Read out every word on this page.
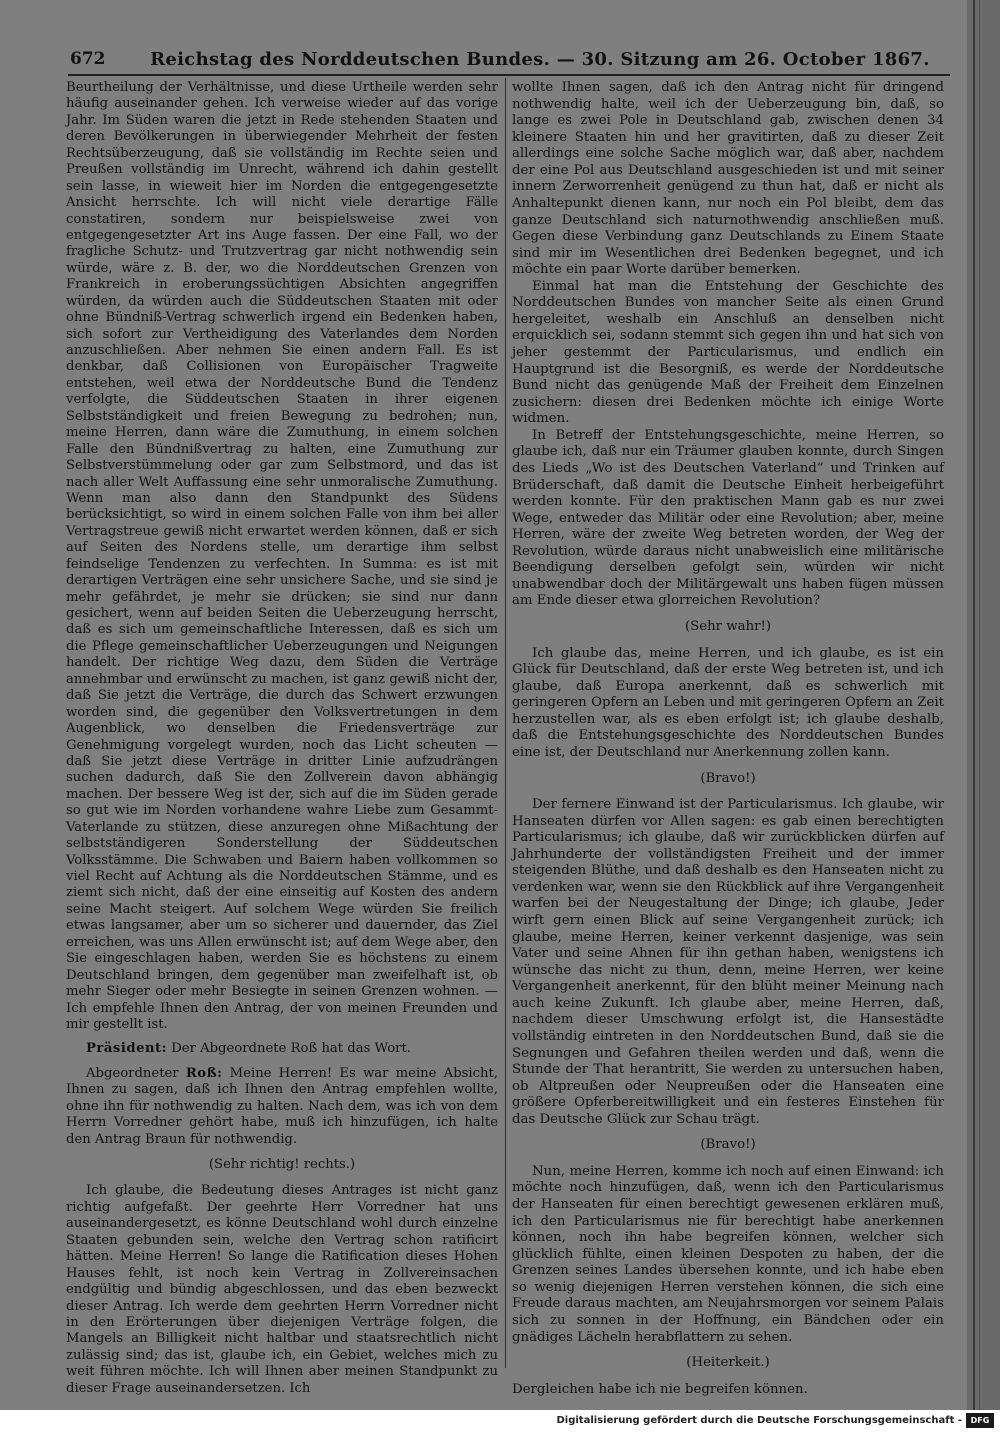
672	Reichstag des Norddeutschen Bundes. — 30. Sitzung am 26. October 1867.

Beurtheilung der Verhältnisse, und diese Urtheile werden sehr häufig auseinander gehen. Ich verweise wieder auf das vorige Jahr. Im Süden waren die jetzt in Rede stehenden Staaten und deren Bevölkerungen in überwiegender Mehrheit der festen Rechtsüberzeugung, daß sie vollständig im Rechte seien und Preußen vollständig im Unrecht, während ich dahin gestellt sein lasse, in wieweit hier im Norden die entgegengesetzte Ansicht herrschte. Ich will nicht viele derartige Fälle constatiren, sondern nur beispielsweise zwei von entgegengesetzter Art ins Auge fassen. Der eine Fall, wo der fragliche Schutz- und Trutzvertrag gar nicht nothwendig sein würde, wäre z. B. der, wo die Norddeutschen Grenzen von Frankreich in eroberungssüchtigen Absichten angegriffen würden, da würden auch die Süddeutschen Staaten mit oder ohne Bündniß-Vertrag schwerlich irgend ein Bedenken haben, sich sofort zur Vertheidigung des Vaterlandes dem Norden anzuschließen. Aber nehmen Sie einen andern Fall. Es ist denkbar, daß Collisionen von Europäischer Tragweite entstehen, weil etwa der Norddeutsche Bund die Tendenz verfolgte, die Süddeutschen Staaten in ihrer eigenen Selbstständigkeit und freien Bewegung zu bedrohen; nun, meine Herren, dann wäre die Zumuthung, in einem solchen Falle den Bündnißvertrag zu halten, eine Zumuthung zur Selbstverstümmelung oder gar zum Selbstmord, und das ist nach aller Welt Auffassung eine sehr unmoralische Zumuthung. Wenn man also dann den Standpunkt des Südens berücksichtigt, so wird in einem solchen Falle von ihm bei aller Vertragstreue gewiß nicht erwartet werden können, daß er sich auf Seiten des Nordens stelle, um derartige ihm selbst feindselige Tendenzen zu verfechten. In Summa: es ist mit derartigen Verträgen eine sehr unsichere Sache, und sie sind je mehr gefährdet, je mehr sie drücken; sie sind nur dann gesichert, wenn auf beiden Seiten die Ueberzeugung herrscht, daß es sich um gemeinschaftliche Interessen, daß es sich um die Pflege gemeinschaftlicher Ueberzeugungen und Neigungen handelt. Der richtige Weg dazu, dem Süden die Verträge annehmbar und erwünscht zu machen, ist ganz gewiß nicht der, daß Sie jetzt die Verträge, die durch das Schwert erzwungen worden sind, die gegenüber den Volksvertretungen in dem Augenblick, wo denselben die Friedensverträge zur Genehmigung vorgelegt wurden, noch das Licht scheuten — daß Sie jetzt diese Verträge in dritter Linie aufzudrängen suchen dadurch, daß Sie den Zollverein davon abhängig machen. Der bessere Weg ist der, sich auf die im Süden gerade so gut wie im Norden vorhandene wahre Liebe zum Gesammt-Vaterlande zu stützen, diese anzuregen ohne Mißachtung der selbstständigeren Sonderstellung der Süddeutschen Volksstämme. Die Schwaben und Baiern haben vollkommen so viel Recht auf Achtung als die Norddeutschen Stämme, und es ziemt sich nicht, daß der eine einseitig auf Kosten des andern seine Macht steigert. Auf solchem Wege würden Sie freilich etwas langsamer, aber um so sicherer und dauernder, das Ziel erreichen, was uns Allen erwünscht ist; auf dem Wege aber, den Sie eingeschlagen haben, werden Sie es höchstens zu einem Deutschland bringen, dem gegenüber man zweifelhaft ist, ob mehr Sieger oder mehr Besiegte in seinen Grenzen wohnen. — Ich empfehle Ihnen den Antrag, der von meinen Freunden und mir gestellt ist.

Präsident: Der Abgeordnete Roß hat das Wort.

Abgeordneter Roß: Meine Herren! Es war meine Absicht, Ihnen zu sagen, daß ich Ihnen den Antrag empfehlen wollte, ohne ihn für nothwendig zu halten. Nach dem, was ich von dem Herrn Vorredner gehört habe, muß ich hinzufügen, ich halte den Antrag Braun für nothwendig.

(Sehr richtig! rechts.)

Ich glaube, die Bedeutung dieses Antrages ist nicht ganz richtig aufgefaßt. Der geehrte Herr Vorredner hat uns auseinandergesetzt, es könne Deutschland wohl durch einzelne Staaten gebunden sein, welche den Vertrag schon ratificirt hätten. Meine Herren! So lange die Ratification dieses Hohen Hauses fehlt, ist noch kein Vertrag in Zollvereinsachen endgültig und bündig abgeschlossen, und das eben bezweckt dieser Antrag. Ich werde dem geehrten Herrn Vorredner nicht in den Erörterungen über diejenigen Verträge folgen, die Mangels an Billigkeit nicht haltbar und staatsrechtlich nicht zulässig sind; das ist, glaube ich, ein Gebiet, welches mich zu weit führen möchte. Ich will Ihnen aber meinen Standpunkt zu dieser Frage auseinandersetzen. Ich

wollte Ihnen sagen, daß ich den Antrag nicht für dringend nothwendig halte, weil ich der Ueberzeugung bin, daß, so lange es zwei Pole in Deutschland gab, zwischen denen 34 kleinere Staaten hin und her gravitirten, daß zu dieser Zeit allerdings eine solche Sache möglich war, daß aber, nachdem der eine Pol aus Deutschland ausgeschieden ist und mit seiner innern Zerworrenheit genügend zu thun hat, daß er nicht als Anhaltepunkt dienen kann, nur noch ein Pol bleibt, dem das ganze Deutschland sich naturnothwendig anschließen muß. Gegen diese Verbindung ganz Deutschlands zu Einem Staate sind mir im Wesentlichen drei Bedenken begegnet, und ich möchte ein paar Worte darüber bemerken.

Einmal hat man die Entstehung der Geschichte des Norddeutschen Bundes von mancher Seite als einen Grund hergeleitet, weshalb ein Anschluß an denselben nicht erquicklich sei, sodann stemmt sich gegen ihn und hat sich von jeher gestemmt der Particularismus, und endlich ein Hauptgrund ist die Besorgniß, es werde der Norddeutsche Bund nicht das genügende Maß der Freiheit dem Einzelnen zusichern: diesen drei Bedenken möchte ich einige Worte widmen.

In Betreff der Entstehungsgeschichte, meine Herren, so glaube ich, daß nur ein Träumer glauben konnte, durch Singen des Lieds „Wo ist des Deutschen Vaterland“ und Trinken auf Brüderschaft, daß damit die Deutsche Einheit herbeigeführt werden konnte. Für den praktischen Mann gab es nur zwei Wege, entweder das Militär oder eine Revolution; aber, meine Herren, wäre der zweite Weg betreten worden, der Weg der Revolution, würde daraus nicht unabweislich eine militärische Beendigung derselben gefolgt sein, würden wir nicht unabwendbar doch der Militärgewalt uns haben fügen müssen am Ende dieser etwa glorreichen Revolution?

(Sehr wahr!)

Ich glaube das, meine Herren, und ich glaube, es ist ein Glück für Deutschland, daß der erste Weg betreten ist, und ich glaube, daß Europa anerkennt, daß es schwerlich mit geringeren Opfern an Leben und mit geringeren Opfern an Zeit herzustellen war, als es eben erfolgt ist; ich glaube deshalb, daß die Entstehungsgeschichte des Norddeutschen Bundes eine ist, der Deutschland nur Anerkennung zollen kann.

(Bravo!)

Der fernere Einwand ist der Particularismus. Ich glaube, wir Hanseaten dürfen vor Allen sagen: es gab einen berechtigten Particularismus; ich glaube, daß wir zurückblicken dürfen auf Jahrhunderte der vollständigsten Freiheit und der immer steigenden Blüthe, und daß deshalb es den Hanseaten nicht zu verdenken war, wenn sie den Rückblick auf ihre Vergangenheit warfen bei der Neugestaltung der Dinge; ich glaube, Jeder wirft gern einen Blick auf seine Vergangenheit zurück; ich glaube, meine Herren, keiner verkennt dasjenige, was sein Vater und seine Ahnen für ihn gethan haben, wenigstens ich wünsche das nicht zu thun, denn, meine Herren, wer keine Vergangenheit anerkennt, für den blüht meiner Meinung nach auch keine Zukunft. Ich glaube aber, meine Herren, daß, nachdem dieser Umschwung erfolgt ist, die Hansestädte vollständig eintreten in den Norddeutschen Bund, daß sie die Segnungen und Gefahren theilen werden und daß, wenn die Stunde der That herantritt, Sie werden zu untersuchen haben, ob Altpreußen oder Neupreußen oder die Hanseaten eine größere Opferbereitwilligkeit und ein festeres Einstehen für das Deutsche Glück zur Schau trägt.

(Bravo!)

Nun, meine Herren, komme ich noch auf einen Einwand: ich möchte noch hinzufügen, daß, wenn ich den Particularismus der Hanseaten für einen berechtigt gewesenen erklären muß, ich den Particularismus nie für berechtigt habe anerkennen können, noch ihn habe begreifen können, welcher sich glücklich fühlte, einen kleinen Despoten zu haben, der die Grenzen seines Landes übersehen konnte, und ich habe eben so wenig diejenigen Herren verstehen können, die sich eine Freude daraus machten, am Neujahrsmorgen vor seinem Palais sich zu sonnen in der Hoffnung, ein Bändchen oder ein gnädiges Lächeln herabflattern zu sehen.

(Heiterkeit.)

Dergleichen habe ich nie begreifen können.

Digitalisierung gefördert durch die Deutsche Forschungsgemeinschaft -	DFG
